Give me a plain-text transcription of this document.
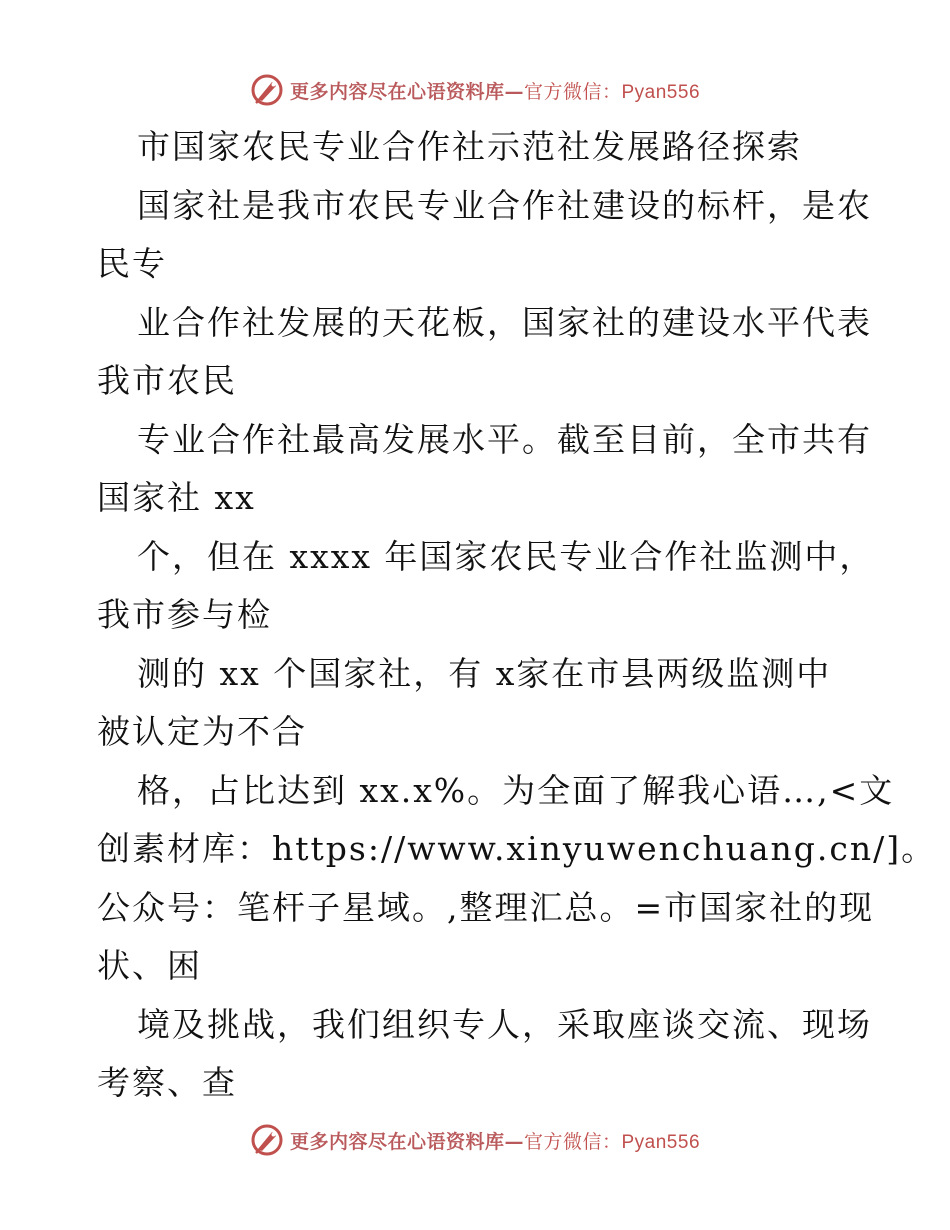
更多内容尽在心语资料库—官方微信：Pyan556
市国家农民专业合作社示范社发展路径探索
国家社是我市农民专业合作社建设的标杆，是农
民专
业合作社发展的天花板，国家社的建设水平代表
我市农民
专业合作社最高发展水平。截至目前，全市共有
国家社 xx
个，但在 xxxx 年国家农民专业合作社监测中，
我市参与检
测的 xx 个国家社，有 x家在市县两级监测中
被认定为不合
格，占比达到 xx.x%。为全面了解我心语…,<文
创素材库：https://www.xinyuwenchuang.cn/]。
公众号：笔杆子星域。,整理汇总。=市国家社的现
状、困
境及挑战，我们组织专人，采取座谈交流、现场
考察、查
更多内容尽在心语资料库—官方微信：Pyan556
